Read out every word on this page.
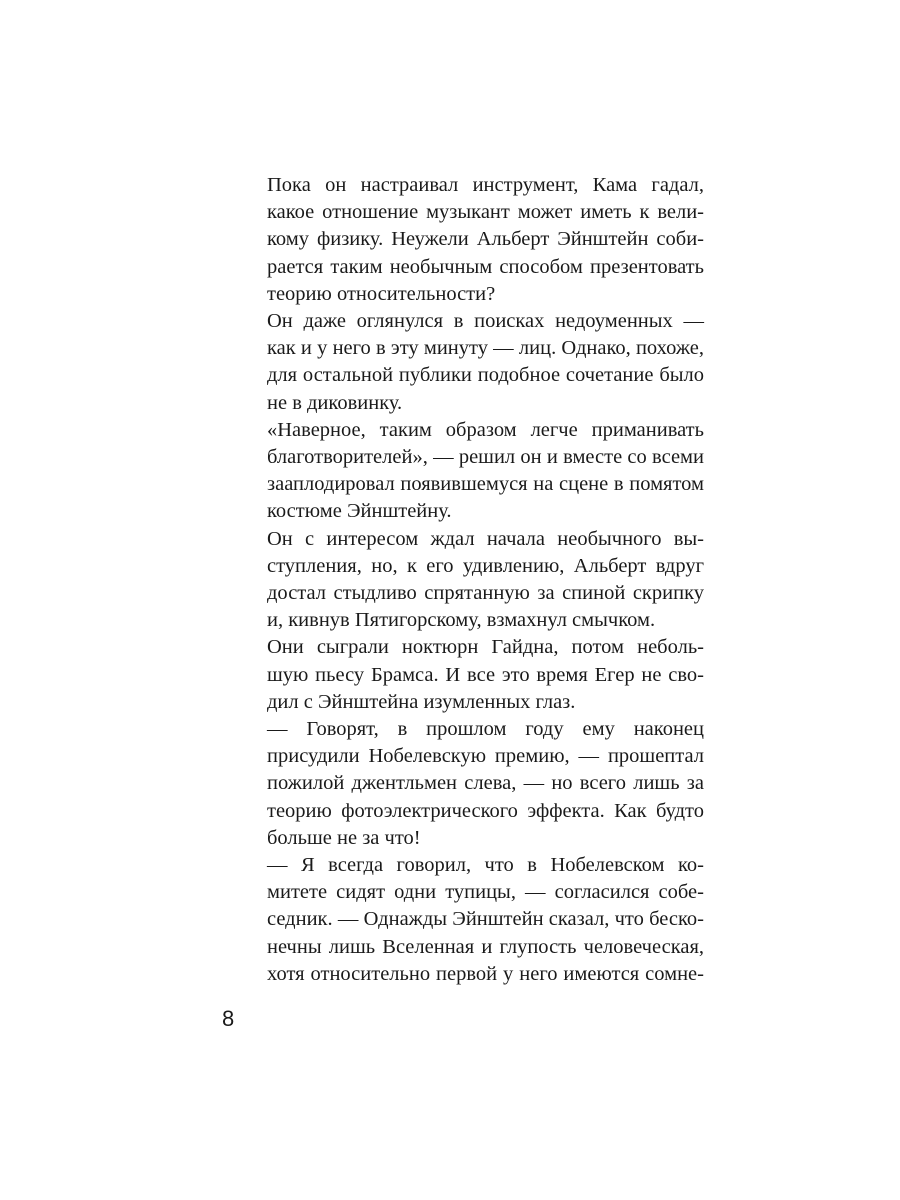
Пока он настраивал инструмент, Кама гадал,
какое отношение музыкант может иметь к вели-
кому физику. Неужели Альберт Эйнштейн соби-
рается таким необычным способом презентовать
теорию относительности?
Он даже оглянулся в поисках недоуменных —
как и у него в эту минуту — лиц. Однако, похоже,
для остальной публики подобное сочетание было
не в диковинку.
«Наверное, таким образом легче приманивать
благотворителей», — решил он и вместе со всеми
зааплодировал появившемуся на сцене в помятом
костюме Эйнштейну.
Он с интересом ждал начала необычного вы-
ступления, но, к его удивлению, Альберт вдруг
достал стыдливо спрятанную за спиной скрипку
и, кивнув Пятигорскому, взмахнул смычком.
Они сыграли ноктюрн Гайдна, потом неболь-
шую пьесу Брамса. И все это время Егер не сво-
дил с Эйнштейна изумленных глаз.
— Говорят, в прошлом году ему наконец
присудили Нобелевскую премию, — прошептал
пожилой джентльмен слева, — но всего лишь за
теорию фотоэлектрического эффекта. Как будто
больше не за что!
— Я всегда говорил, что в Нобелевском ко-
митете сидят одни тупицы, — согласился собе-
седник. — Однажды Эйнштейн сказал, что беско-
нечны лишь Вселенная и глупость человеческая,
хотя относительно первой у него имеются сомне-
8
